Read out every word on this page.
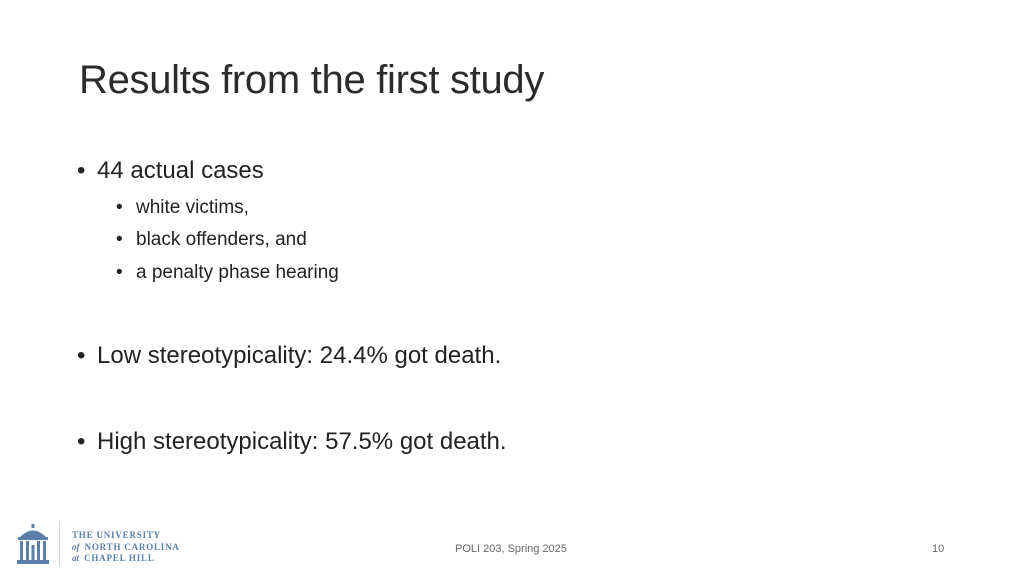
Results from the first study
• 44 actual cases
• white victims,
• black offenders, and
• a penalty phase hearing
• Low stereotypicality: 24.4% got death.
• High stereotypicality: 57.5% got death.
THE UNIVERSITY
of NORTH CAROLINA
at CHAPEL HILL
POLI 203, Spring 2025	10
